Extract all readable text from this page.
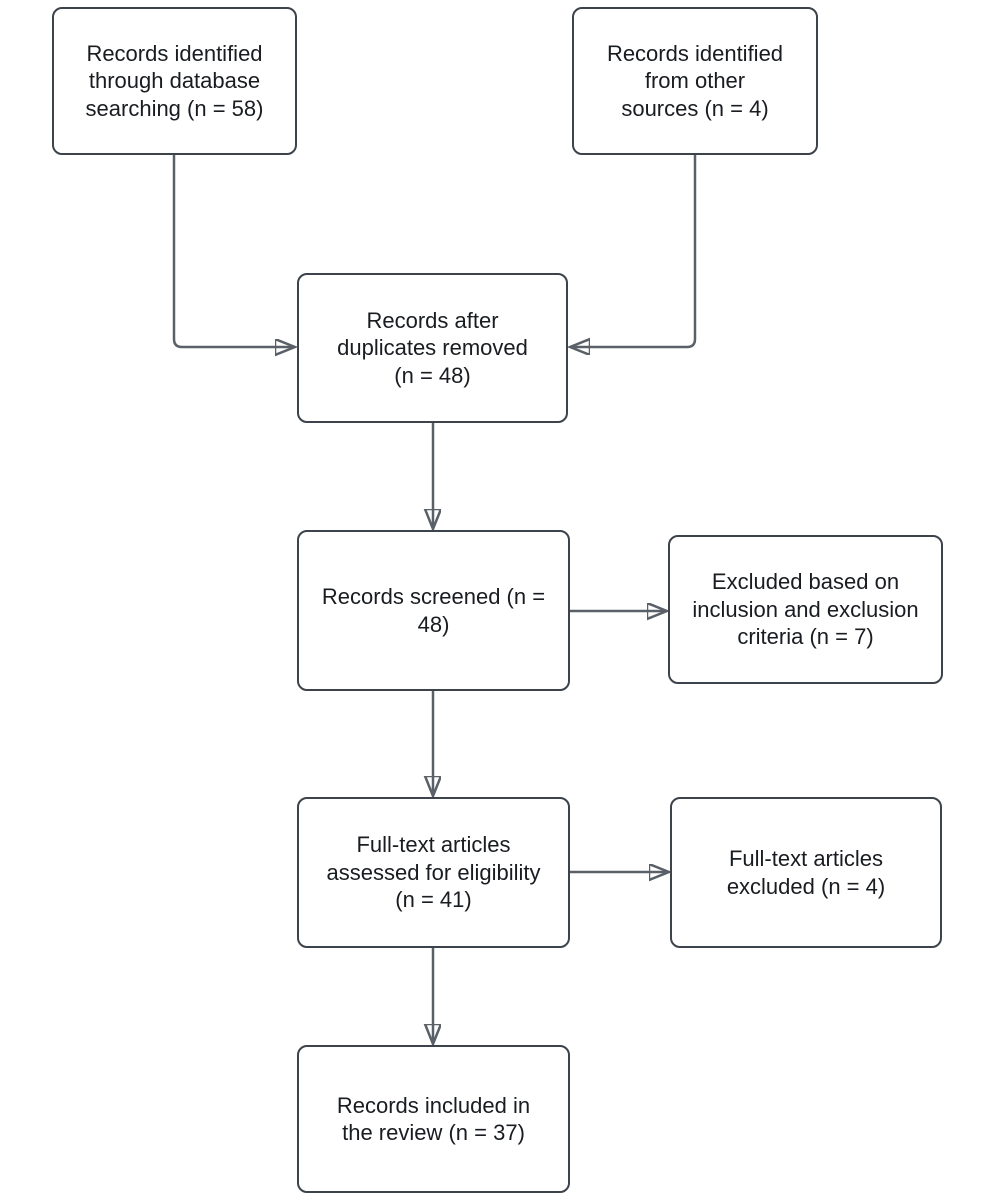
Records identified through database searching (n = 58)
Records identified from other sources (n = 4)
Records after duplicates removed (n = 48)
Records screened (n = 48)
Excluded based on inclusion and exclusion criteria (n = 7)
Full-text articles assessed for eligibility (n = 41)
Full-text articles excluded (n = 4)
Records included in the review (n = 37)
